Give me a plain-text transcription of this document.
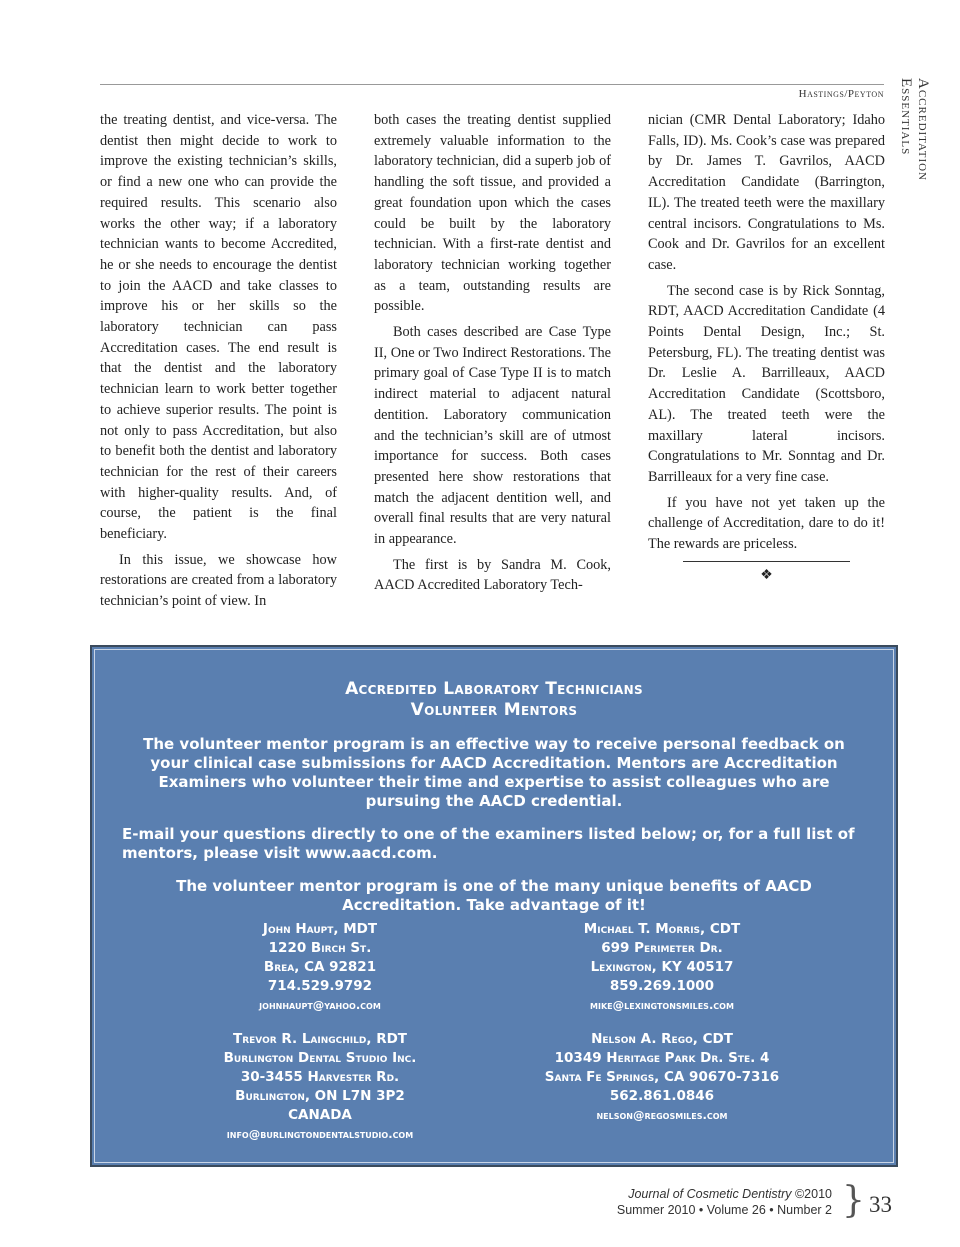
Hastings/Peyton	Accreditation Essentials

the treating dentist, and vice-versa. The dentist then might decide to work to improve the existing technician’s skills, or find a new one who can provide the required results. This scenario also works the other way; if a laboratory technician wants to become Accredited, he or she needs to encourage the dentist to join the AACD and take classes to improve his or her skills so the laboratory technician can pass Accreditation cases. The end result is that the dentist and the laboratory technician learn to work better together to achieve superior results. The point is not only to pass Accreditation, but also to benefit both the dentist and laboratory technician for the rest of their careers with higher-quality results. And, of course, the patient is the final beneficiary.

In this issue, we showcase how restorations are created from a laboratory technician’s point of view. In

both cases the treating dentist supplied extremely valuable information to the laboratory technician, did a superb job of handling the soft tissue, and provided a great foundation upon which the cases could be built by the laboratory technician. With a first-rate dentist and laboratory technician working together as a team, outstanding results are possible.

Both cases described are Case Type II, One or Two Indirect Restorations. The primary goal of Case Type II is to match indirect material to adjacent natural dentition. Laboratory communication and the technician’s skill are of utmost importance for success. Both cases presented here show restorations that match the adjacent dentition well, and overall final results that are very natural in appearance.

The first is by Sandra M. Cook, AACD Accredited Laboratory Tech-

nician (CMR Dental Laboratory; Idaho Falls, ID). Ms. Cook’s case was prepared by Dr. James T. Gavrilos, AACD Accreditation Candidate (Barrington, IL). The treated teeth were the maxillary central incisors. Congratulations to Ms. Cook and Dr. Gavrilos for an excellent case.

The second case is by Rick Sonntag, RDT, AACD Accreditation Candidate (4 Points Dental Design, Inc.; St. Petersburg, FL). The treating dentist was Dr. Leslie A. Barrilleaux, AACD Accreditation Candidate (Scottsboro, AL). The treated teeth were the maxillary lateral incisors. Congratulations to Mr. Sonntag and Dr. Barrilleaux for a very fine case.

If you have not yet taken up the challenge of Accreditation, dare to do it! The rewards are priceless.

❖
Accredited Laboratory Technicians
Volunteer Mentors
The volunteer mentor program is an effective way to receive personal feedback on your clinical case submissions for AACD Accreditation. Mentors are Accreditation Examiners who volunteer their time and expertise to assist colleagues who are pursuing the AACD credential.
E-mail your questions directly to one of the examiners listed below; or, for a full list of mentors, please visit www.aacd.com.
The volunteer mentor program is one of the many unique benefits of AACD Accreditation. Take advantage of it!
John Haupt, MDT
1220 Birch St.
Brea, CA 92821
714.529.9792
johnhaupt@yahoo.com
Michael T. Morris, CDT
699 Perimeter Dr.
Lexington, KY 40517
859.269.1000
mike@lexingtonsmiles.com
Trevor R. Laingchild, RDT
Burlington Dental Studio Inc.
30-3455 Harvester Rd.
Burlington, ON L7N 3P2
CANADA
info@burlingtondentalstudio.com
Nelson A. Rego, CDT
10349 Heritage Park Dr. Ste. 4
Santa Fe Springs, CA 90670-7316
562.861.0846
nelson@regosmiles.com
Journal of Cosmetic Dentistry ©2010
Summer 2010 • Volume 26 • Number 2 } 33
